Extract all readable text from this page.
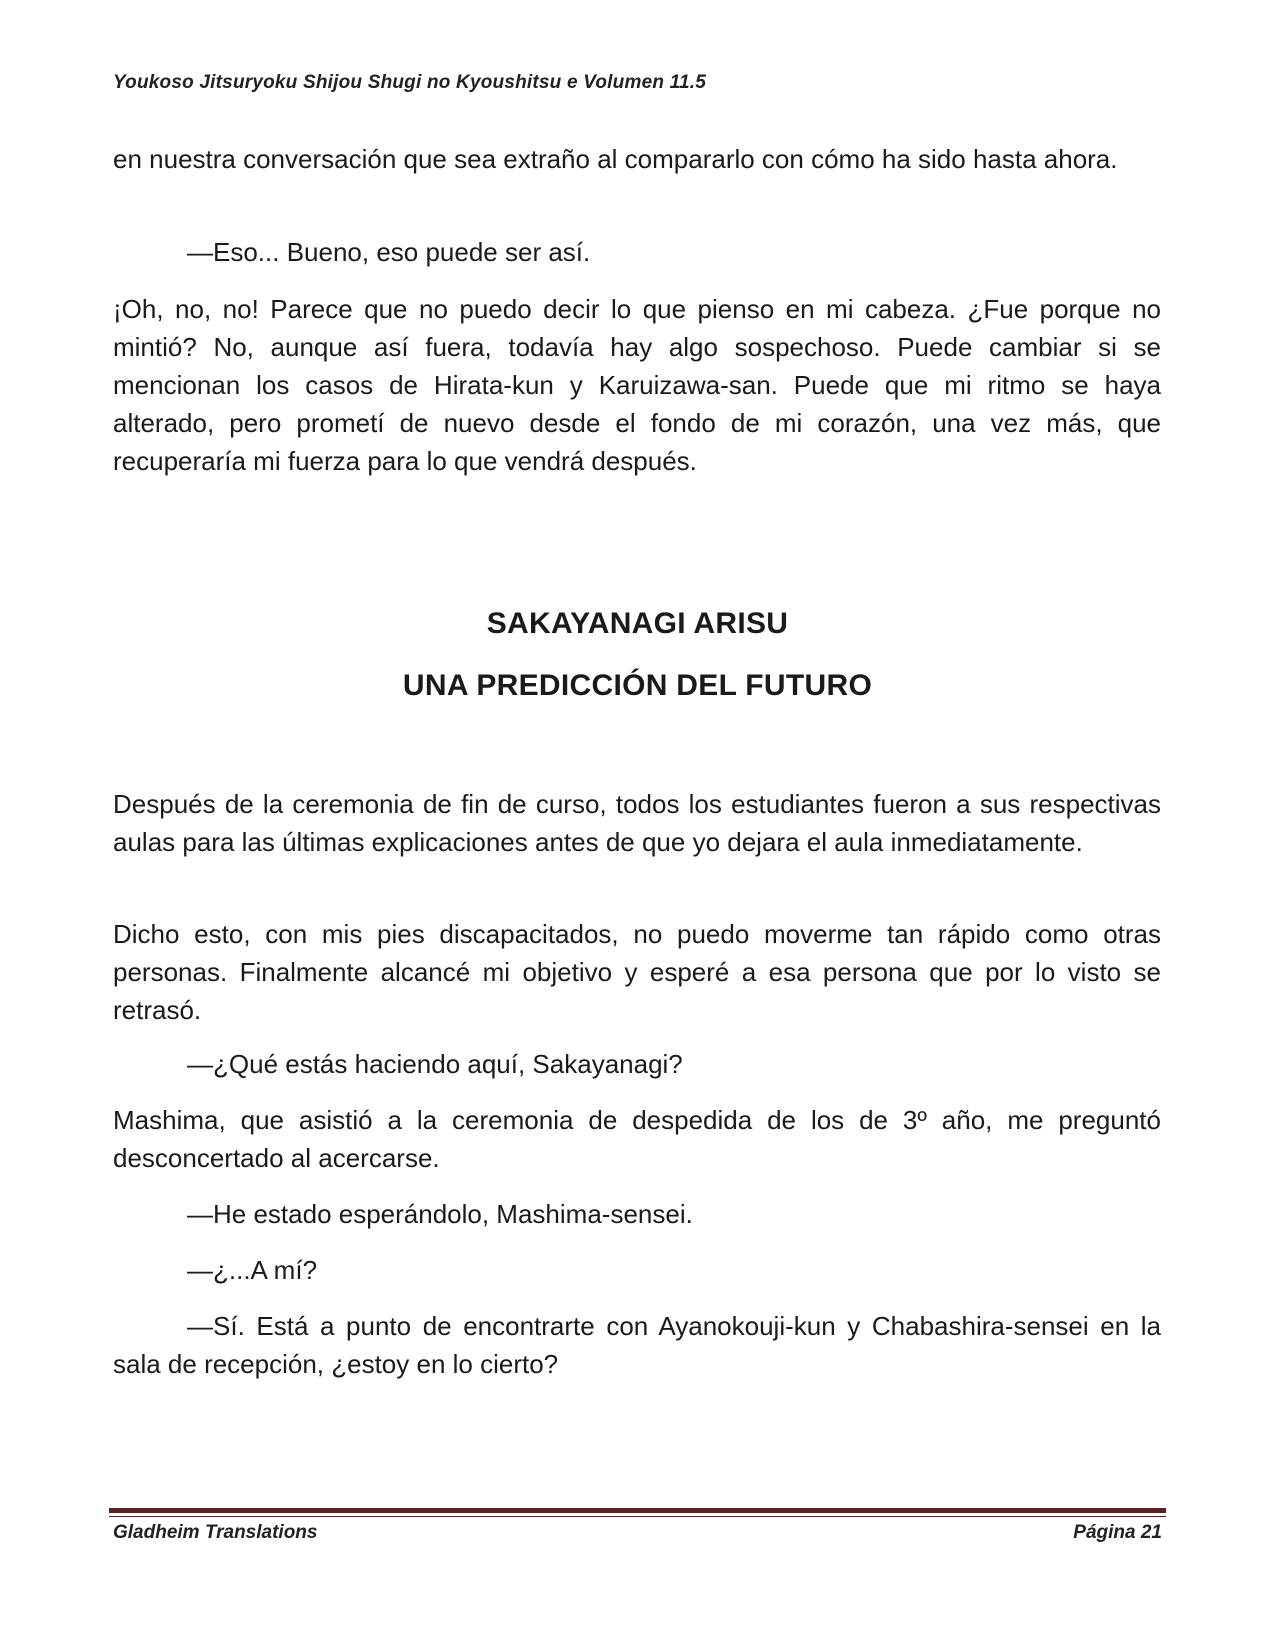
Youkoso Jitsuryoku Shijou Shugi no Kyoushitsu e Volumen 11.5

en nuestra conversación que sea extraño al compararlo con cómo ha sido hasta ahora.

—Eso... Bueno, eso puede ser así.

¡Oh, no, no! Parece que no puedo decir lo que pienso en mi cabeza. ¿Fue porque no mintió? No, aunque así fuera, todavía hay algo sospechoso. Puede cambiar si se mencionan los casos de Hirata-kun y Karuizawa-san. Puede que mi ritmo se haya alterado, pero prometí de nuevo desde el fondo de mi corazón, una vez más, que recuperaría mi fuerza para lo que vendrá después.

SAKAYANAGI ARISU
UNA PREDICCIÓN DEL FUTURO

Después de la ceremonia de fin de curso, todos los estudiantes fueron a sus respectivas aulas para las últimas explicaciones antes de que yo dejara el aula inmediatamente.

Dicho esto, con mis pies discapacitados, no puedo moverme tan rápido como otras personas. Finalmente alcancé mi objetivo y esperé a esa persona que por lo visto se retrasó.

—¿Qué estás haciendo aquí, Sakayanagi?

Mashima, que asistió a la ceremonia de despedida de los de 3º año, me preguntó desconcertado al acercarse.

—He estado esperándolo, Mashima-sensei.

—¿...A mí?

—Sí. Está a punto de encontrarte con Ayanokouji-kun y Chabashira-sensei en la sala de recepción, ¿estoy en lo cierto?

Gladheim Translations	Página 21
